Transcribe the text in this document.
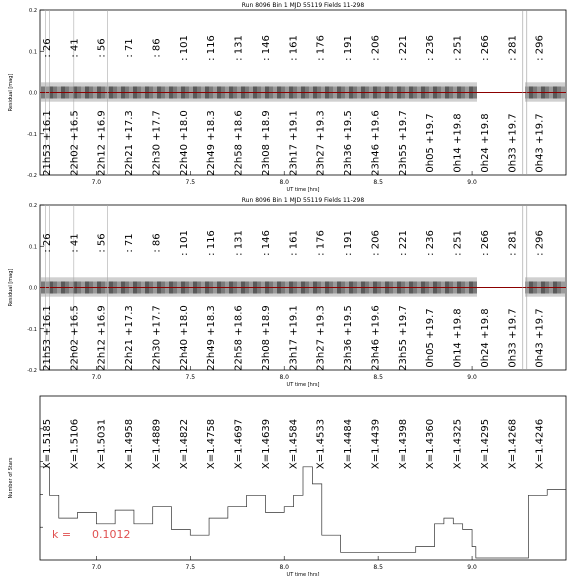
7.0	7.5	8.0	8.5	9.0
UT time [hrs]
Residual [mag]
Run 8096 Bin 1 MJD 55119 Fields 11-298
-0.2
-0.1
0.0
0.1
0.2
: 26 : 41 : 56 : 71 : 86 : 101 : 116 : 131 : 146 : 161 : 176 : 191 : 206 : 221 : 236 : 251 : 266 : 281 : 296
21h53 +16.1 22h02 +16.5 22h12 +16.9 22h21 +17.3 22h30 +17.7 22h40 +18.0 22h49 +18.3 22h58 +18.6 23h08 +18.9 23h17 +19.1 23h27 +19.3 23h36 +19.5 23h46 +19.6 23h55 +19.7 0h05 +19.7 0h14 +19.8 0h24 +19.8 0h33 +19.7 0h43 +19.7
7.0	7.5	8.0	8.5	9.0
UT time [hrs]
Residual [mag]
Run 8096 Bin 1 MJD 55119 Fields 11-298
-0.2
-0.1
0.0
0.1
0.2
: 26 : 41 : 56 : 71 : 86 : 101 : 116 : 131 : 146 : 161 : 176 : 191 : 206 : 221 : 236 : 251 : 266 : 281 : 296
21h53 +16.1 22h02 +16.5 22h12 +16.9 22h21 +17.3 22h30 +17.7 22h40 +18.0 22h49 +18.3 22h58 +18.6 23h08 +18.9 23h17 +19.1 23h27 +19.3 23h36 +19.5 23h46 +19.6 23h55 +19.7 0h05 +19.7 0h14 +19.8 0h24 +19.8 0h33 +19.7 0h43 +19.7
7.0	7.5	8.0	8.5	9.0
UT time [hrs]
Number of Stars
X=1.5185 X=1.5106 X=1.5031 X=1.4958 X=1.4889 X=1.4822 X=1.4758 X=1.4697 X=1.4639 X=1.4584 X=1.4533 X=1.4484 X=1.4439 X=1.4398 X=1.4360 X=1.4325 X=1.4295 X=1.4268 X=1.4246
k = 0.1012
